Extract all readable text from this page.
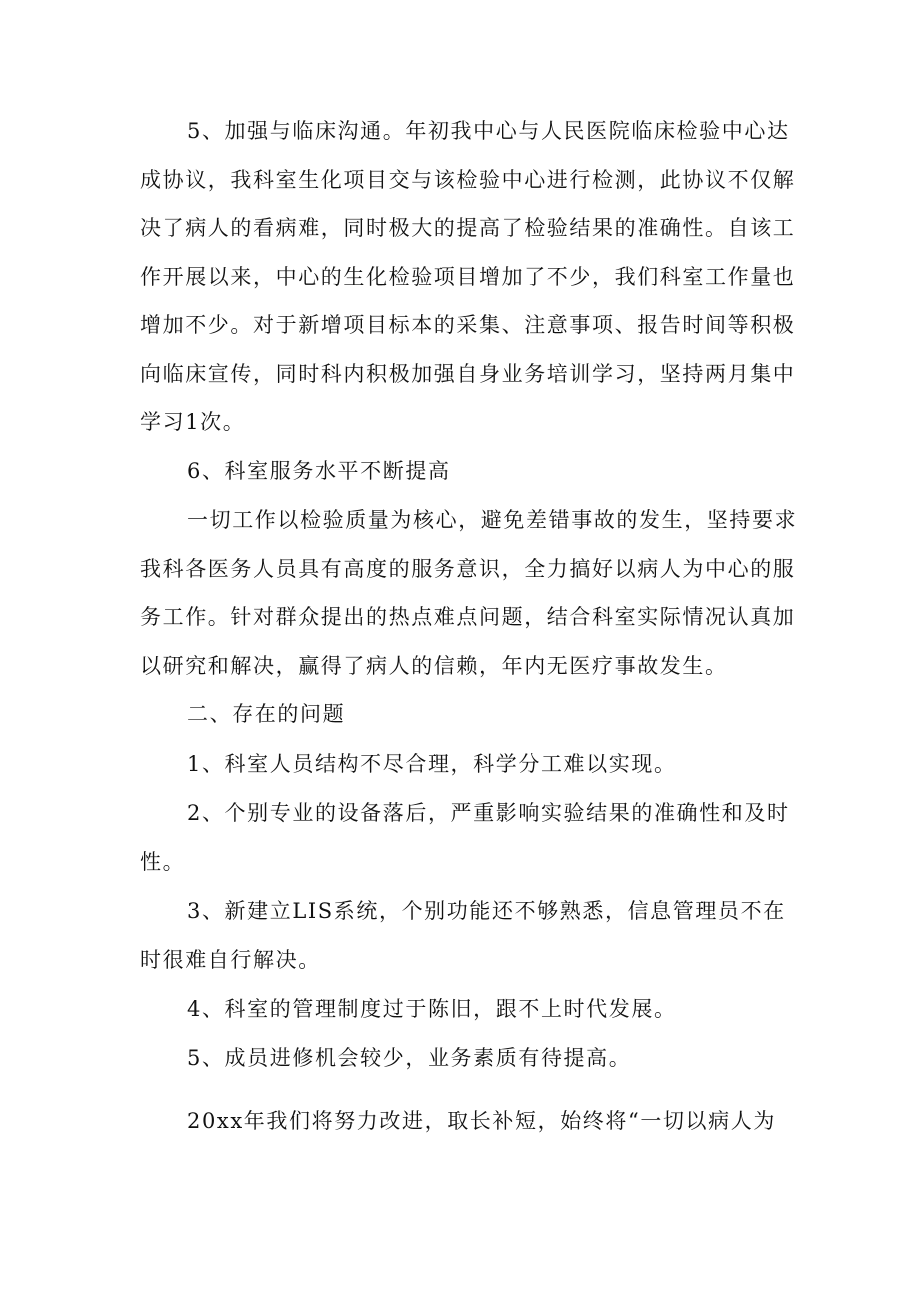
5、加强与临床沟通。年初我中心与人民医院临床检验中心达成协议，我科室生化项目交与该检验中心进行检测，此协议不仅解决了病人的看病难，同时极大的提高了检验结果的准确性。自该工作开展以来，中心的生化检验项目增加了不少，我们科室工作量也增加不少。对于新增项目标本的采集、注意事项、报告时间等积极向临床宣传，同时科内积极加强自身业务培训学习，坚持两月集中学习1次。

6、科室服务水平不断提高

一切工作以检验质量为核心，避免差错事故的发生，坚持要求我科各医务人员具有高度的服务意识，全力搞好以病人为中心的服务工作。针对群众提出的热点难点问题，结合科室实际情况认真加以研究和解决，赢得了病人的信赖，年内无医疗事故发生。

二、存在的问题

1、科室人员结构不尽合理，科学分工难以实现。

2、个别专业的设备落后，严重影响实验结果的准确性和及时性。

3、新建立LIS系统，个别功能还不够熟悉，信息管理员不在时很难自行解决。

4、科室的管理制度过于陈旧，跟不上时代发展。

5、成员进修机会较少，业务素质有待提高。

20xx年我们将努力改进，取长补短，始终将“一切以病人为
